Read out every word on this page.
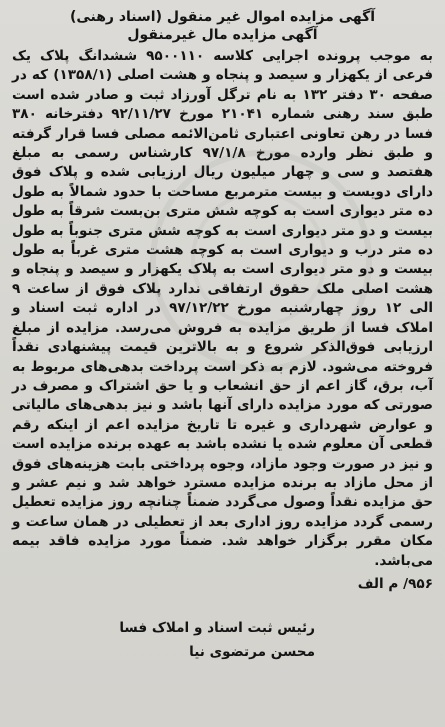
آگهی مزایده اموال غیر منقول (اسناد رهنی)

آگهی مزایده مال غیرمنقول

به موجب پرونده اجرایی کلاسه ۹۵۰۰۱۱۰ ششدانگ پلاک یک فرعی از یکهزار و سیصد و پنجاه و هشت اصلی (۱۳۵۸/۱) که در صفحه ۳۰ دفتر ۱۳۲ به نام ترگل آورزاد ثبت و صادر شده است طبق سند رهنی شماره ۲۱۰۴۱ مورخ ۹۲/۱۱/۲۷ دفترخانه ۳۸۰ فسا در رهن تعاونی اعتباری ثامن‌الائمه مصلی فسا قرار گرفته و طبق نظر وارده مورخ ۹۷/۱/۸ کارشناس رسمی به مبلغ هفتصد و سی و چهار میلیون ریال ارزیابی شده و پلاک فوق دارای دویست و بیست مترمربع مساحت با حدود شمالاً به طول ده متر دیواری است به کوچه شش متری بن‌بست شرقاً به طول بیست و دو متر دیواری است به کوچه شش متری جنوباً به طول ده متر درب و دیواری است به کوچه هشت متری غرباً به طول بیست و دو متر دیواری است به پلاک یکهزار و سیصد و پنجاه و هشت اصلی ملک حقوق ارتفاقی ندارد پلاک فوق از ساعت ۹ الی ۱۲ روز چهارشنبه مورخ ۹۷/۱۲/۲۲ در اداره ثبت اسناد و املاک فسا از طریق مزایده به فروش می‌رسد. مزایده از مبلغ ارزیابی فوق‌الذکر شروع و به بالاترین قیمت پیشنهادی نقداً فروخته می‌شود. لازم به ذکر است پرداخت بدهی‌های مربوط به آب، برق، گاز اعم از حق انشعاب و یا حق اشتراک و مصرف در صورتی که مورد مزایده دارای آنها باشد و نیز بدهی‌های مالیاتی و عوارض شهرداری و غیره تا تاریخ مزایده اعم از اینکه رقم قطعی آن معلوم شده یا نشده باشد به عهده برنده مزایده است و نیز در صورت وجود مازاد، وجوه پرداختی بابت هزینه‌های فوق از محل مازاد به برنده مزایده مسترد خواهد شد و نیم عشر و حق مزایده نقداً وصول می‌گردد ضمناً چنانچه روز مزایده تعطیل رسمی گردد مزایده روز اداری بعد از تعطیلی در همان ساعت و مکان مقرر برگزار خواهد شد. ضمناً مورد مزایده فاقد بیمه می‌باشد.

۹۵۶/ م الف
رئیس ثبت اسناد و املاک فسا
محسن مرتضوی نیا
